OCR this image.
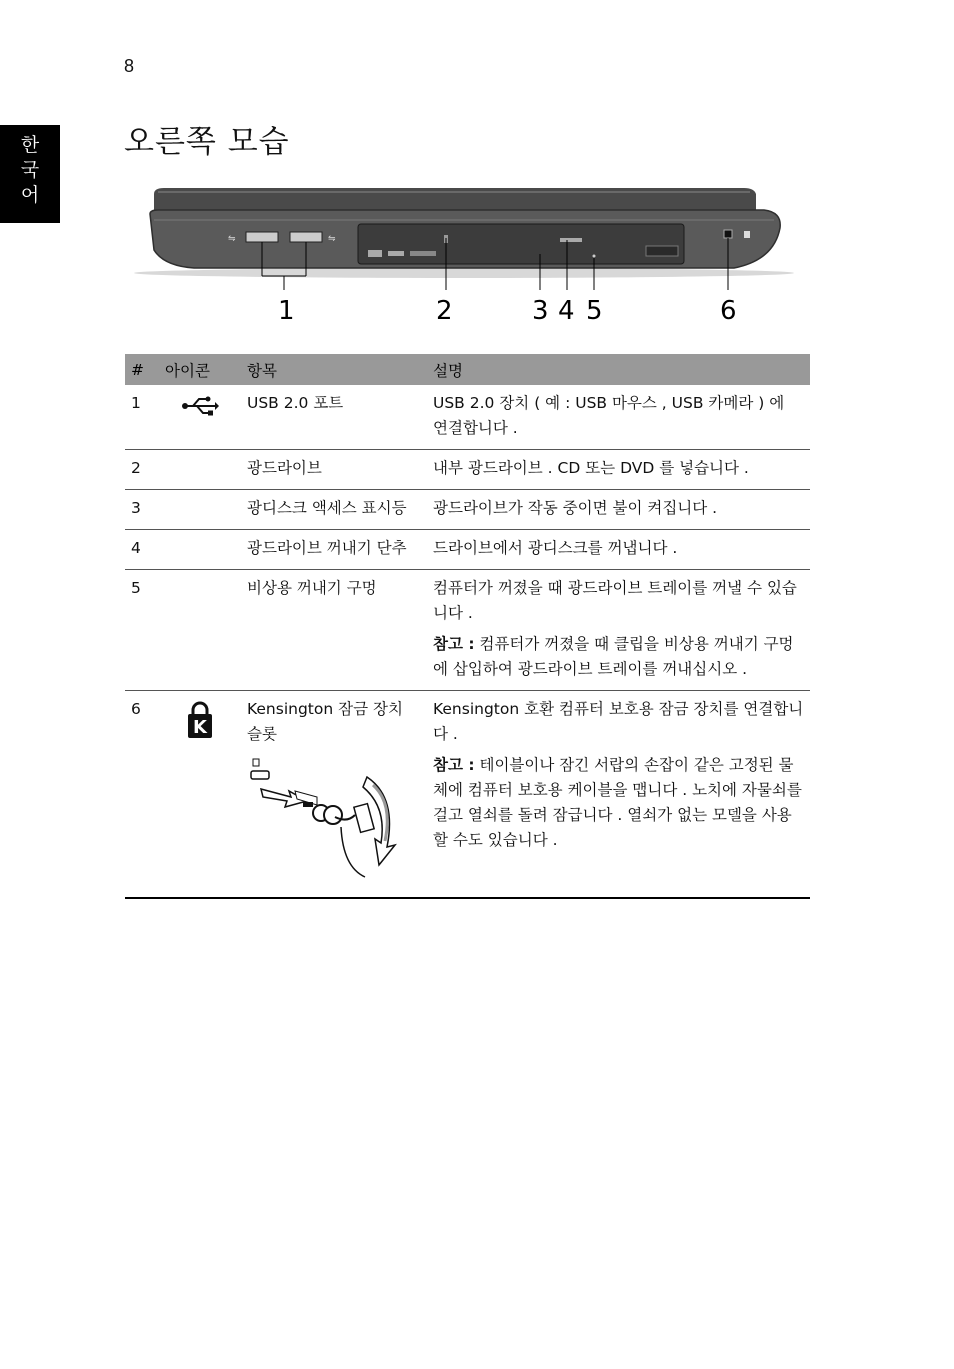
8
한
국
어
오른쪽 모습
⇋	⇋
1	2	3 4 5	6
#	아이콘	항목	설명
1		USB 2.0 포트	USB 2.0 장치 ( 예 : USB 마우스 , USB 카메라 ) 에 연결합니다 .
2		광드라이브	내부 광드라이브 . CD 또는 DVD 를 넣습니다 .
3		광디스크 액세스 표시등	광드라이브가 작동 중이면 불이 켜집니다 .
4		광드라이브 꺼내기 단추	드라이브에서 광디스크를 꺼냅니다 .
5		비상용 꺼내기 구멍	컴퓨터가 꺼졌을 때 광드라이브 트레이를 꺼낼 수 있습니다 .

참고 : 컴퓨터가 꺼졌을 때 클립을 비상용 꺼내기 구멍에 삽입하여 광드라이브 트레이를 꺼내십시오 .

6	K	Kensington 잠금 장치 슬롯	Kensington 호환 컴퓨터 보호용 잠금 장치를 연결합니다 .

참고 : 테이블이나 잠긴 서랍의 손잡이 같은 고정된 물체에 컴퓨터 보호용 케이블을 맵니다 . 노치에 자물쇠를 걸고 열쇠를 돌려 잠급니다 . 열쇠가 없는 모델을 사용할 수도 있습니다 .
